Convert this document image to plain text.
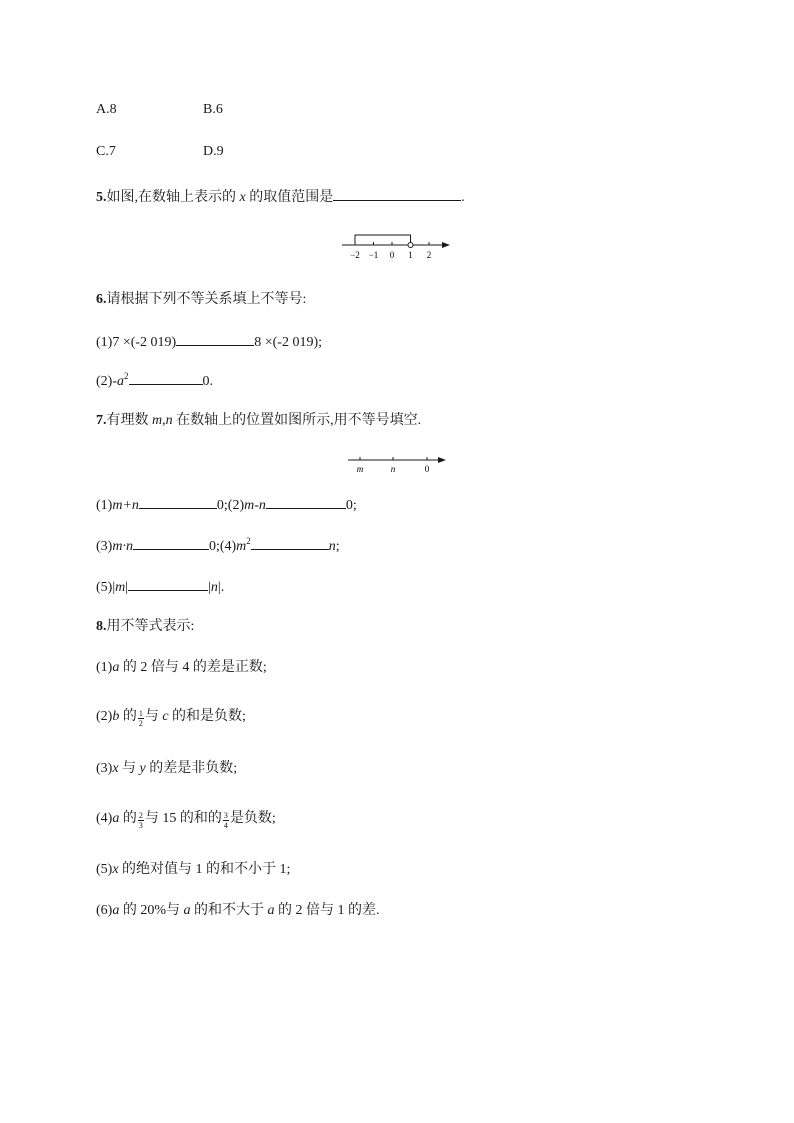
A.8	B.6
C.7	D.9
5.如图,在数轴上表示的 x 的取值范围是	.
−2 −1 0 1 2
6.请根据下列不等关系填上不等号:
(1)7 ×(-2 019)	8 ×(-2 019);
$(2)-a^2$	0.
7.有理数 m,n 在数轴上的位置如图所示,用不等号填空.
m	n	0
(1)m+n	0;(2)m-n	0;
(3)m·n	$0;(4)m^2$	n;
(5)|m|	|n|.
8.用不等式表示:
(1)a 的 2 倍与 4 的差是正数;
(2)b 的 $\frac{1}{2}$ 与 c 的和是负数;
(3)x 与 y 的差是非负数;
(4)a 的 $\frac{2}{3}$ 与 15 的和的 $\frac{3}{4}$ 是负数;
(5)x 的绝对值与 1 的和不小于 1;
(6)a 的 20%与 a 的和不大于 a 的 2 倍与 1 的差.
